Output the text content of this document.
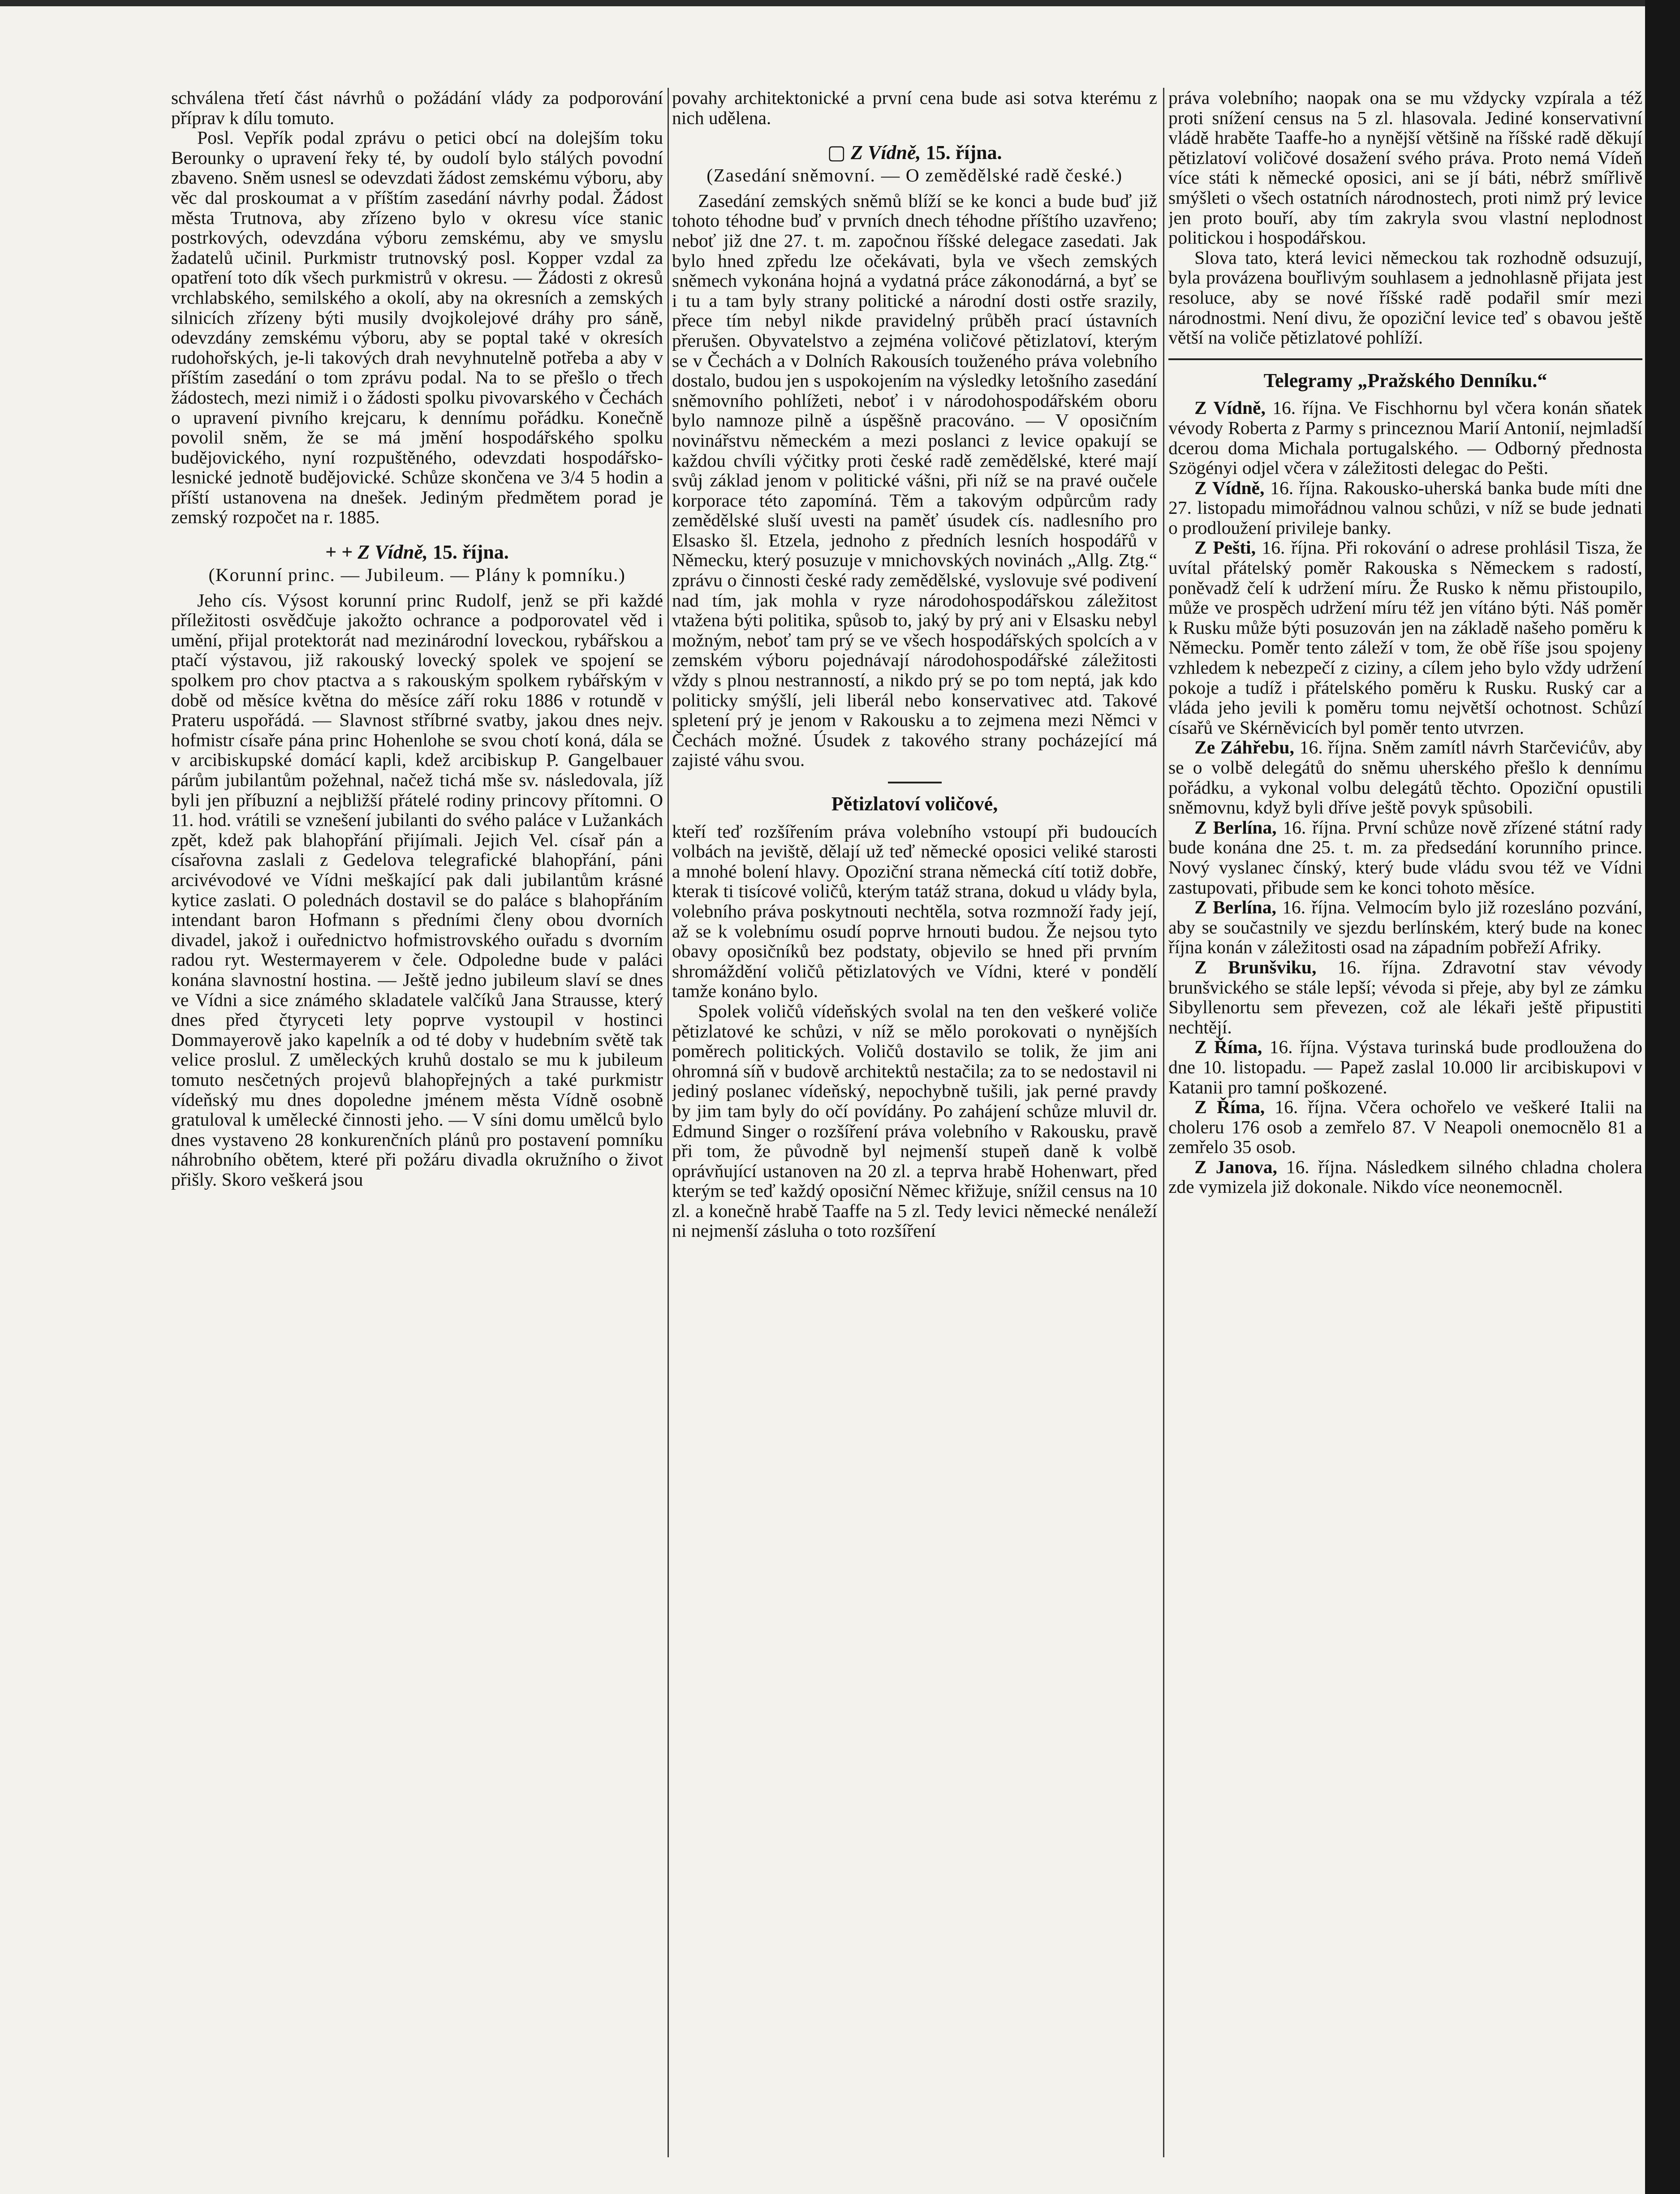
schválena třetí část návrhů o požádání vlády za podporování příprav k dílu tomuto.

Posl. Vepřík podal zprávu o petici obcí na dolejším toku Berounky o upravení řeky té, by oudolí bylo stálých povodní zbaveno. Sněm usnesl se odevzdati žádost zemskému výboru, aby věc dal proskoumat a v příštím zasedání návrhy podal. Žádost města Trutnova, aby zřízeno bylo v okresu více stanic postrkových, odevzdána výboru zemskému, aby ve smyslu žadatelů učinil. Purkmistr trutnovský posl. Kopper vzdal za opatření toto dík všech purkmistrů v okresu. — Žádosti z okresů vrchlabského, semilského a okolí, aby na okresních a zemských silnicích zřízeny býti musily dvojkolejové dráhy pro sáně, odevzdány zemskému výboru, aby se poptal také v okresích rudohořských, je-li takových drah nevyhnutelně potřeba a aby v příštím zasedání o tom zprávu podal. Na to se přešlo o třech žádostech, mezi nimiž i o žádosti spolku pivovarského v Čechách o upravení pivního krejcaru, k dennímu pořádku. Konečně povolil sněm, že se má jmění hospodářského spolku budějovického, nyní rozpuštěného, odevzdati hospodářsko-lesnické jednotě budějovické. Schůze skončena ve 3/4 5 hodin a příští ustanovena na dnešek. Jediným předmětem porad je zemský rozpočet na r. 1885.

+ + Z Vídně, 15. října.

(Korunní princ. — Jubileum. — Plány k pomníku.)

Jeho cís. Výsost korunní princ Rudolf, jenž se při každé příležitosti osvědčuje jakožto ochrance a podporovatel věd i umění, přijal protektorát nad mezinárodní loveckou, rybářskou a ptačí výstavou, již rakouský lovecký spolek ve spojení se spolkem pro chov ptactva a s rakouským spolkem rybářským v době od měsíce května do měsíce září roku 1886 v rotundě v Prateru uspořádá. — Slavnost stříbrné svatby, jakou dnes nejv. hofmistr císaře pána princ Hohenlohe se svou chotí koná, dála se v arcibiskupské domácí kapli, kdež arcibiskup P. Gangelbauer párům jubilantům požehnal, načež tichá mše sv. následovala, jíž byli jen příbuzní a nejbližší přátelé rodiny princovy přítomni. O 11. hod. vrátili se vznešení jubilanti do svého paláce v Lužankách zpět, kdež pak blahopřání přijímali. Jejich Vel. císař pán a císařovna zaslali z Gedelova telegrafické blahopřání, páni arcivévodové ve Vídni meškající pak dali jubilantům krásné kytice zaslati. O polednách dostavil se do paláce s blahopřáním intendant baron Hofmann s předními členy obou dvorních divadel, jakož i ouřednictvo hofmistrovského ouřadu s dvorním radou ryt. Westermayerem v čele. Odpoledne bude v paláci konána slavnostní hostina. — Ještě jedno jubileum slaví se dnes ve Vídni a sice známého skladatele valčíků Jana Strausse, který dnes před čtyryceti lety poprve vystoupil v hostinci Dommayerově jako kapelník a od té doby v hudebním světě tak velice proslul. Z uměleckých kruhů dostalo se mu k jubileum tomuto nesčetných projevů blahopřejných a také purkmistr vídeňský mu dnes dopoledne jménem města Vídně osobně gratuloval k umělecké činnosti jeho. — V síni domu umělců bylo dnes vystaveno 28 konkurenčních plánů pro postavení pomníku náhrobního obětem, které při požáru divadla okružního o život přišly. Skoro veškerá jsou

povahy architektonické a první cena bude asi sotva kterému z nich udělena.

▢ Z Vídně, 15. října.

(Zasedání sněmovní. — O zemědělské radě české.)

Zasedání zemských sněmů blíží se ke konci a bude buď již tohoto téhodne buď v prvních dnech téhodne příštího uzavřeno; neboť již dne 27. t. m. započnou říšské delegace zasedati. Jak bylo hned zpředu lze očekávati, byla ve všech zemských sněmech vykonána hojná a vydatná práce zákonodárná, a byť se i tu a tam byly strany politické a národní dosti ostře srazily, přece tím nebyl nikde pravidelný průběh prací ústavních přerušen. Obyvatelstvo a zejména voličové pětizlatoví, kterým se v Čechách a v Dolních Rakousích touženého práva volebního dostalo, budou jen s uspokojením na výsledky letošního zasedání sněmovního pohlížeti, neboť i v národohospodářském oboru bylo namnoze pilně a úspěšně pracováno. — V oposičním novinářstvu německém a mezi poslanci z levice opakují se každou chvíli výčitky proti české radě zemědělské, které mají svůj základ jenom v politické vášni, při níž se na pravé oučele korporace této zapomíná. Těm a takovým odpůrcům rady zemědělské sluší uvesti na paměť úsudek cís. nadlesního pro Elsasko šl. Etzela, jednoho z předních lesních hospodářů v Německu, který posuzuje v mnichovských novinách „Allg. Ztg.“ zprávu o činnosti české rady zemědělské, vyslovuje své podivení nad tím, jak mohla v ryze národohospodářskou záležitost vtažena býti politika, spůsob to, jaký by prý ani v Elsasku nebyl možným, neboť tam prý se ve všech hospodářských spolcích a v zemském výboru pojednávají národohospodářské záležitosti vždy s plnou nestranností, a nikdo prý se po tom neptá, jak kdo politicky smýšlí, jeli liberál nebo konservativec atd. Takové spletení prý je jenom v Rakousku a to zejmena mezi Němci v Čechách možné. Úsudek z takového strany pocházející má zajisté váhu svou.

Pětizlatoví voličové,

kteří teď rozšířením práva volebního vstoupí při budoucích volbách na jeviště, dělají už teď německé oposici veliké starosti a mnohé bolení hlavy. Opoziční strana německá cítí totiž dobře, kterak ti tisícové voličů, kterým tatáž strana, dokud u vlády byla, volebního práva poskytnouti nechtěla, sotva rozmnoží řady její, až se k volebnímu osudí poprve hrnouti budou. Že nejsou tyto obavy oposičníků bez podstaty, objevilo se hned při prvním shromáždění voličů pětizlatových ve Vídni, které v pondělí tamže konáno bylo.

Spolek voličů vídeňských svolal na ten den veškeré voliče pětizlatové ke schůzi, v níž se mělo porokovati o nynějších poměrech politických. Voličů dostavilo se tolik, že jim ani ohromná síň v budově architektů nestačila; za to se nedostavil ni jediný poslanec vídeňský, nepochybně tušili, jak perné pravdy by jim tam byly do očí povídány. Po zahájení schůze mluvil dr. Edmund Singer o rozšíření práva volebního v Rakousku, pravě při tom, že původně byl nejmenší stupeň daně k volbě oprávňující ustanoven na 20 zl. a teprva hrabě Hohenwart, před kterým se teď každý oposiční Němec křižuje, snížil census na 10 zl. a konečně hrabě Taaffe na 5 zl. Tedy levici německé nenáleží ni nejmenší zásluha o toto rozšíření

práva volebního; naopak ona se mu vždycky vzpírala a též proti snížení census na 5 zl. hlasovala. Jediné konservativní vládě hraběte Taaffe-ho a nynější většině na říšské radě děkují pětizlatoví voličové dosažení svého práva. Proto nemá Vídeň více státi k německé oposici, ani se jí báti, nébrž smířlivě smýšleti o všech ostatních národnostech, proti nimž prý levice jen proto bouří, aby tím zakryla svou vlastní neplodnost politickou i hospodářskou.

Slova tato, která levici německou tak rozhodně odsuzují, byla provázena bouřlivým souhlasem a jednohlasně přijata jest resoluce, aby se nové říšské radě podařil smír mezi národnostmi. Není divu, že opoziční levice teď s obavou ještě větší na voliče pětizlatové pohlíží.

Telegramy „Pražského Denníku.“

Z Vídně, 16. října. Ve Fischhornu byl včera konán sňatek vévody Roberta z Parmy s princeznou Marií Antonií, nejmladší dcerou doma Michala portugalského. — Odborný přednosta Szögényi odjel včera v záležitosti delegac do Pešti.

Z Vídně, 16. října. Rakousko-uherská banka bude míti dne 27. listopadu mimořádnou valnou schůzi, v níž se bude jednati o prodloužení privileje banky.

Z Pešti, 16. října. Při rokování o adrese prohlásil Tisza, že uvítal přátelský poměr Rakouska s Německem s radostí, poněvadž čelí k udržení míru. Že Rusko k němu přistoupilo, může ve prospěch udržení míru též jen vítáno býti. Náš poměr k Rusku může býti posuzován jen na základě našeho poměru k Německu. Poměr tento záleží v tom, že obě říše jsou spojeny vzhledem k nebezpečí z ciziny, a cílem jeho bylo vždy udržení pokoje a tudíž i přátelského poměru k Rusku. Ruský car a vláda jeho jevili k poměru tomu největší ochotnost. Schůzí císařů ve Skérněvicích byl poměr tento utvrzen.

Ze Záhřebu, 16. října. Sněm zamítl návrh Starčevićův, aby se o volbě delegátů do sněmu uherského přešlo k dennímu pořádku, a vykonal volbu delegátů těchto. Opoziční opustili sněmovnu, když byli dříve ještě povyk spůsobili.

Z Berlína, 16. října. První schůze nově zřízené státní rady bude konána dne 25. t. m. za předsedání korunního prince. Nový vyslanec čínský, který bude vládu svou též ve Vídni zastupovati, přibude sem ke konci tohoto měsíce.

Z Berlína, 16. října. Velmocím bylo již rozesláno pozvání, aby se součastnily ve sjezdu berlínském, který bude na konec října konán v záležitosti osad na západním pobřeží Afriky.

Z Brunšviku, 16. října. Zdravotní stav vévody brunšvického se stále lepší; vévoda si přeje, aby byl ze zámku Sibyllenortu sem převezen, což ale lékaři ještě připustiti nechtějí.

Z Říma, 16. října. Výstava turinská bude prodloužena do dne 10. listopadu. — Papež zaslal 10.000 lir arcibiskupovi v Katanii pro tamní poškozené.

Z Říma, 16. října. Včera ochořelo ve veškeré Italii na choleru 176 osob a zemřelo 87. V Neapoli onemocnělo 81 a zemřelo 35 osob.

Z Janova, 16. října. Následkem silného chladna cholera zde vymizela již dokonale. Nikdo více neonemocněl.
